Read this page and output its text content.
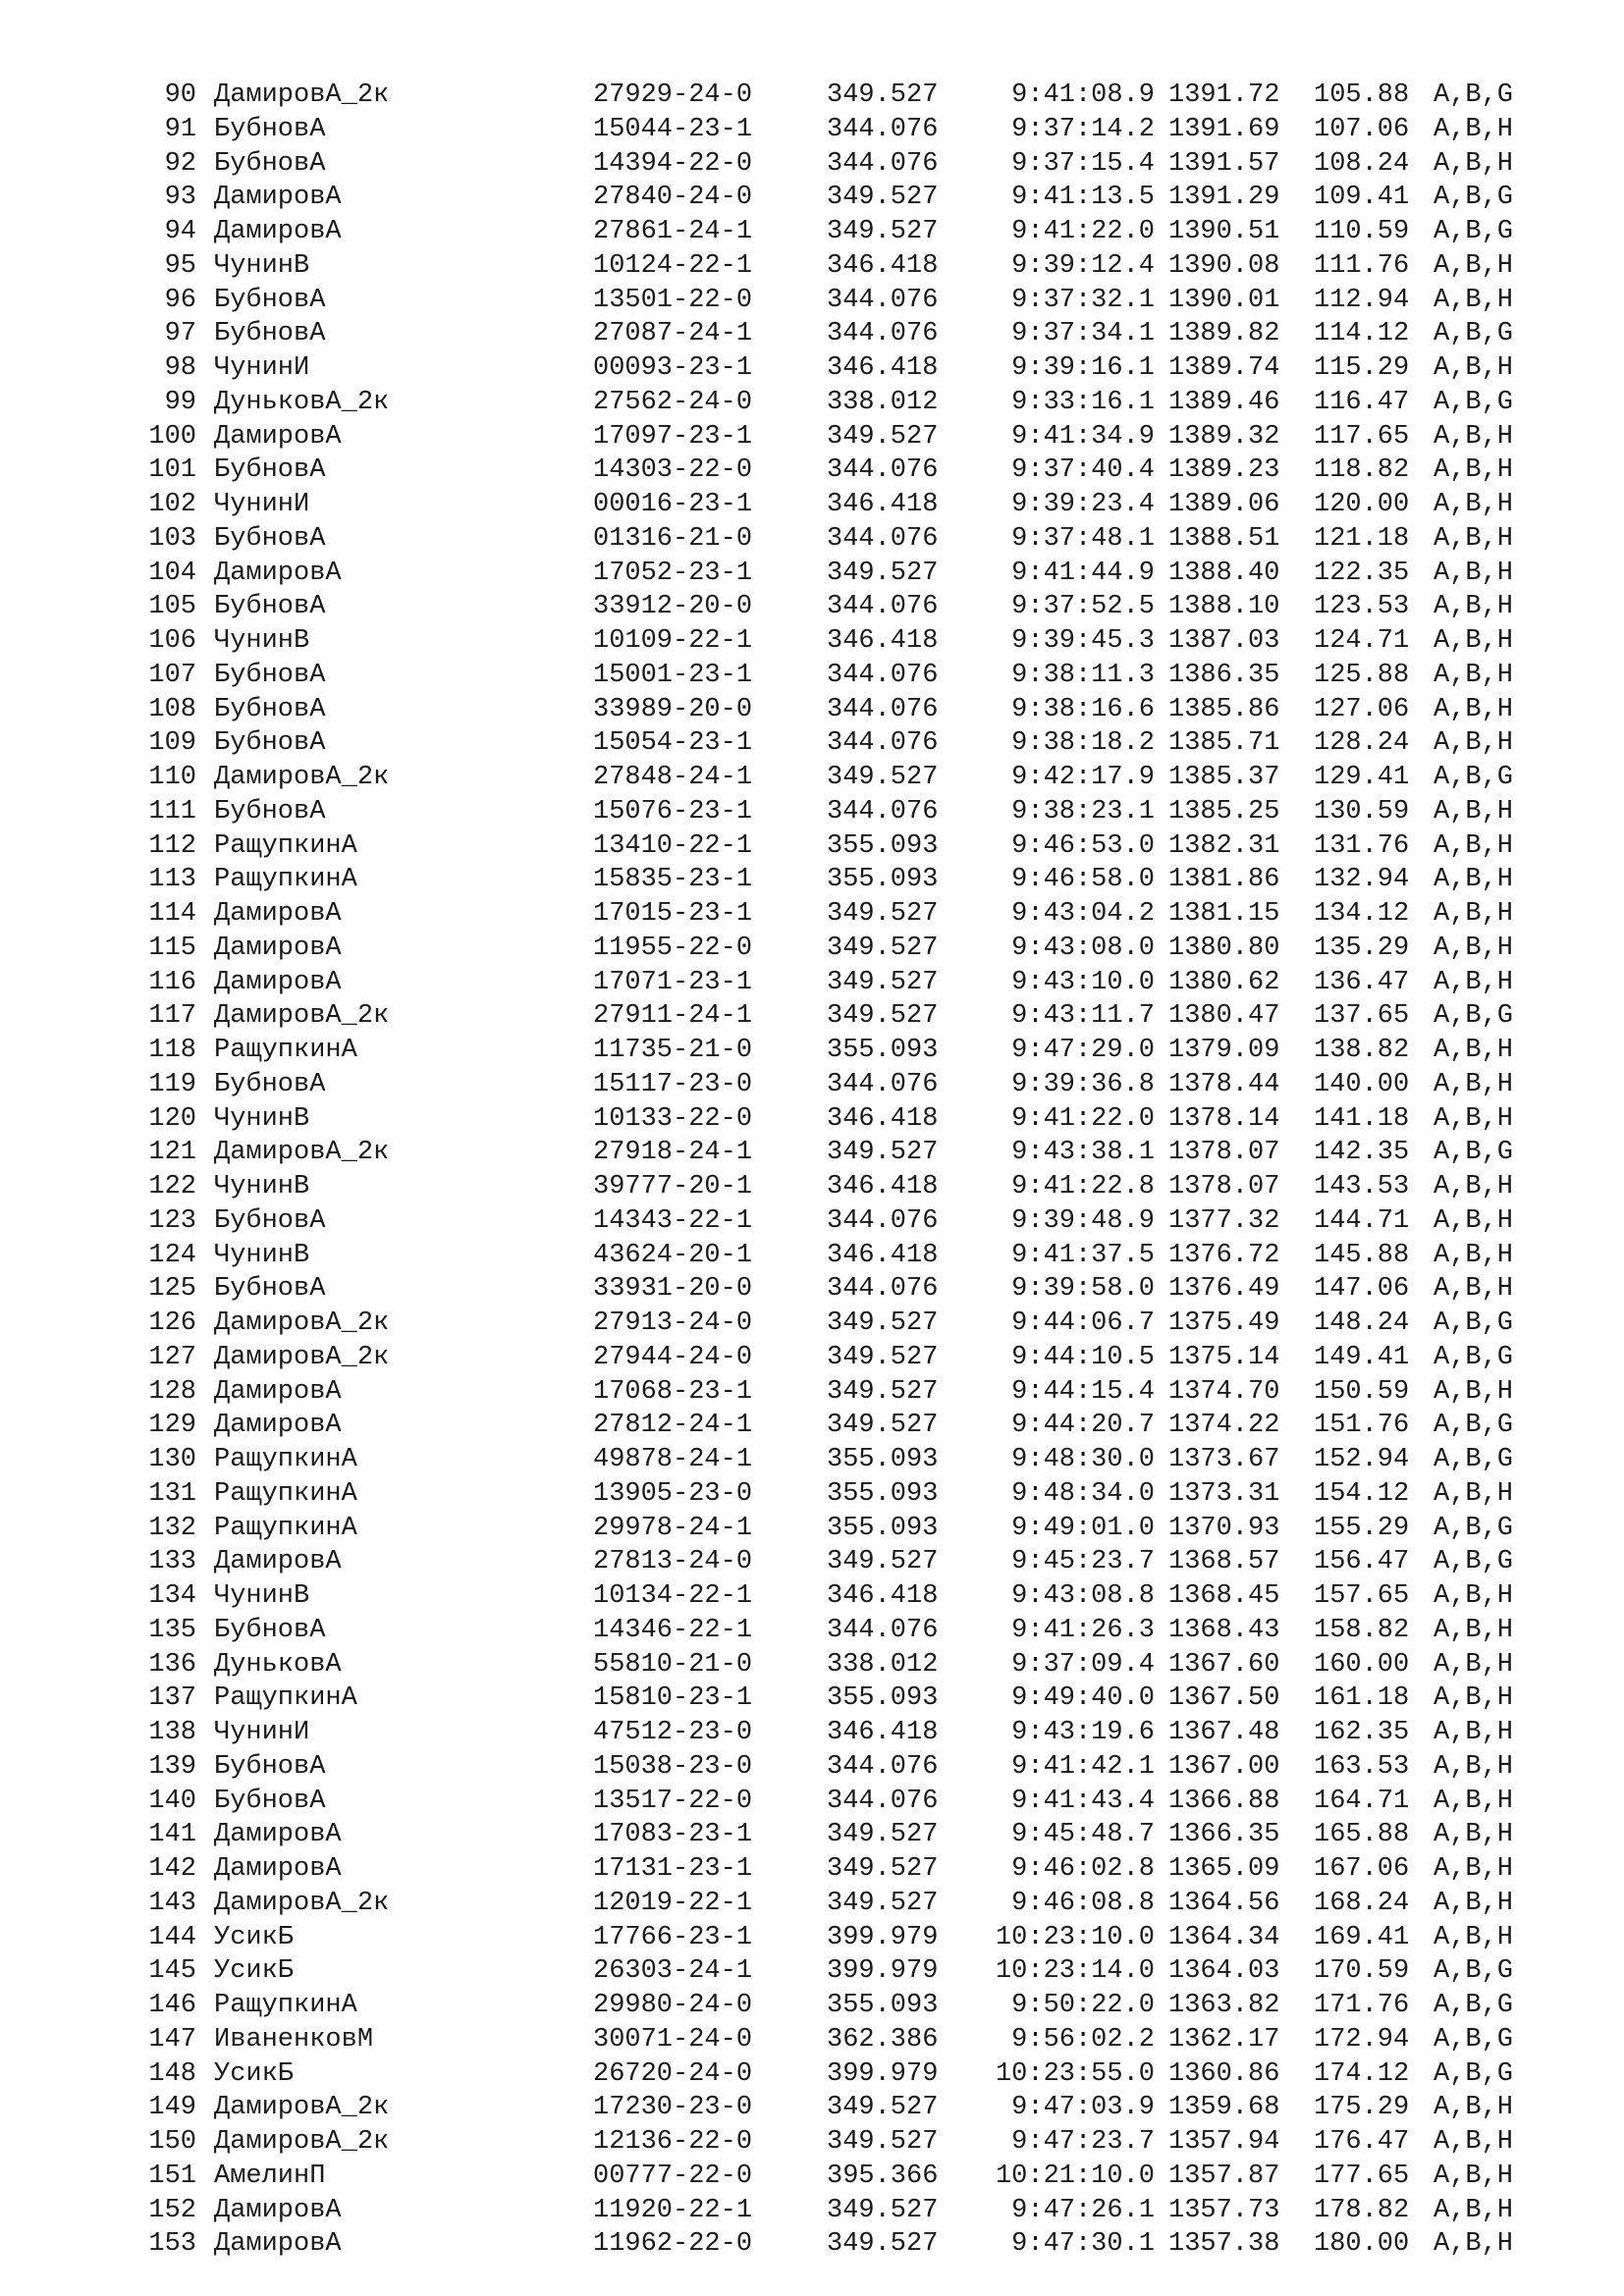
90 ДамировА_2к	27929-24-0	349.527	9:41:08.9 1391.72 105.88 A,B,G
91 БубновА	15044-23-1	344.076	9:37:14.2 1391.69 107.06 A,B,H
92 БубновА	14394-22-0	344.076	9:37:15.4 1391.57 108.24 A,B,H
93 ДамировА	27840-24-0	349.527	9:41:13.5 1391.29 109.41 A,B,G
94 ДамировА	27861-24-1	349.527	9:41:22.0 1390.51 110.59 A,B,G
95 ЧунинВ	10124-22-1	346.418	9:39:12.4 1390.08 111.76 A,B,H
96 БубновА	13501-22-0	344.076	9:37:32.1 1390.01 112.94 A,B,H
97 БубновА	27087-24-1	344.076	9:37:34.1 1389.82 114.12 A,B,G
98 ЧунинИ	00093-23-1	346.418	9:39:16.1 1389.74 115.29 A,B,H
99 ДуньковА_2к	27562-24-0	338.012	9:33:16.1 1389.46 116.47 A,B,G
100 ДамировА	17097-23-1	349.527	9:41:34.9 1389.32 117.65 A,B,H
101 БубновА	14303-22-0	344.076	9:37:40.4 1389.23 118.82 A,B,H
102 ЧунинИ	00016-23-1	346.418	9:39:23.4 1389.06 120.00 A,B,H
103 БубновА	01316-21-0	344.076	9:37:48.1 1388.51 121.18 A,B,H
104 ДамировА	17052-23-1	349.527	9:41:44.9 1388.40 122.35 A,B,H
105 БубновА	33912-20-0	344.076	9:37:52.5 1388.10 123.53 A,B,H
106 ЧунинВ	10109-22-1	346.418	9:39:45.3 1387.03 124.71 A,B,H
107 БубновА	15001-23-1	344.076	9:38:11.3 1386.35 125.88 A,B,H
108 БубновА	33989-20-0	344.076	9:38:16.6 1385.86 127.06 A,B,H
109 БубновА	15054-23-1	344.076	9:38:18.2 1385.71 128.24 A,B,H
110 ДамировА_2к	27848-24-1	349.527	9:42:17.9 1385.37 129.41 A,B,G
111 БубновА	15076-23-1	344.076	9:38:23.1 1385.25 130.59 A,B,H
112 РащупкинА	13410-22-1	355.093	9:46:53.0 1382.31 131.76 A,B,H
113 РащупкинА	15835-23-1	355.093	9:46:58.0 1381.86 132.94 A,B,H
114 ДамировА	17015-23-1	349.527	9:43:04.2 1381.15 134.12 A,B,H
115 ДамировА	11955-22-0	349.527	9:43:08.0 1380.80 135.29 A,B,H
116 ДамировА	17071-23-1	349.527	9:43:10.0 1380.62 136.47 A,B,H
117 ДамировА_2к	27911-24-1	349.527	9:43:11.7 1380.47 137.65 A,B,G
118 РащупкинА	11735-21-0	355.093	9:47:29.0 1379.09 138.82 A,B,H
119 БубновА	15117-23-0	344.076	9:39:36.8 1378.44 140.00 A,B,H
120 ЧунинВ	10133-22-0	346.418	9:41:22.0 1378.14 141.18 A,B,H
121 ДамировА_2к	27918-24-1	349.527	9:43:38.1 1378.07 142.35 A,B,G
122 ЧунинВ	39777-20-1	346.418	9:41:22.8 1378.07 143.53 A,B,H
123 БубновА	14343-22-1	344.076	9:39:48.9 1377.32 144.71 A,B,H
124 ЧунинВ	43624-20-1	346.418	9:41:37.5 1376.72 145.88 A,B,H
125 БубновА	33931-20-0	344.076	9:39:58.0 1376.49 147.06 A,B,H
126 ДамировА_2к	27913-24-0	349.527	9:44:06.7 1375.49 148.24 A,B,G
127 ДамировА_2к	27944-24-0	349.527	9:44:10.5 1375.14 149.41 A,B,G
128 ДамировА	17068-23-1	349.527	9:44:15.4 1374.70 150.59 A,B,H
129 ДамировА	27812-24-1	349.527	9:44:20.7 1374.22 151.76 A,B,G
130 РащупкинА	49878-24-1	355.093	9:48:30.0 1373.67 152.94 A,B,G
131 РащупкинА	13905-23-0	355.093	9:48:34.0 1373.31 154.12 A,B,H
132 РащупкинА	29978-24-1	355.093	9:49:01.0 1370.93 155.29 A,B,G
133 ДамировА	27813-24-0	349.527	9:45:23.7 1368.57 156.47 A,B,G
134 ЧунинВ	10134-22-1	346.418	9:43:08.8 1368.45 157.65 A,B,H
135 БубновА	14346-22-1	344.076	9:41:26.3 1368.43 158.82 A,B,H
136 ДуньковА	55810-21-0	338.012	9:37:09.4 1367.60 160.00 A,B,H
137 РащупкинА	15810-23-1	355.093	9:49:40.0 1367.50 161.18 A,B,H
138 ЧунинИ	47512-23-0	346.418	9:43:19.6 1367.48 162.35 A,B,H
139 БубновА	15038-23-0	344.076	9:41:42.1 1367.00 163.53 A,B,H
140 БубновА	13517-22-0	344.076	9:41:43.4 1366.88 164.71 A,B,H
141 ДамировА	17083-23-1	349.527	9:45:48.7 1366.35 165.88 A,B,H
142 ДамировА	17131-23-1	349.527	9:46:02.8 1365.09 167.06 A,B,H
143 ДамировА_2к	12019-22-1	349.527	9:46:08.8 1364.56 168.24 A,B,H
144 УсикБ	17766-23-1	399.979	10:23:10.0 1364.34 169.41 A,B,H
145 УсикБ	26303-24-1	399.979	10:23:14.0 1364.03 170.59 A,B,G
146 РащупкинА	29980-24-0	355.093	9:50:22.0 1363.82 171.76 A,B,G
147 ИваненковМ	30071-24-0	362.386	9:56:02.2 1362.17 172.94 A,B,G
148 УсикБ	26720-24-0	399.979	10:23:55.0 1360.86 174.12 A,B,G
149 ДамировА_2к	17230-23-0	349.527	9:47:03.9 1359.68 175.29 A,B,H
150 ДамировА_2к	12136-22-0	349.527	9:47:23.7 1357.94 176.47 A,B,H
151 АмелинП	00777-22-0	395.366	10:21:10.0 1357.87 177.65 A,B,H
152 ДамировА	11920-22-1	349.527	9:47:26.1 1357.73 178.82 A,B,H
153 ДамировА	11962-22-0	349.527	9:47:30.1 1357.38 180.00 A,B,H
